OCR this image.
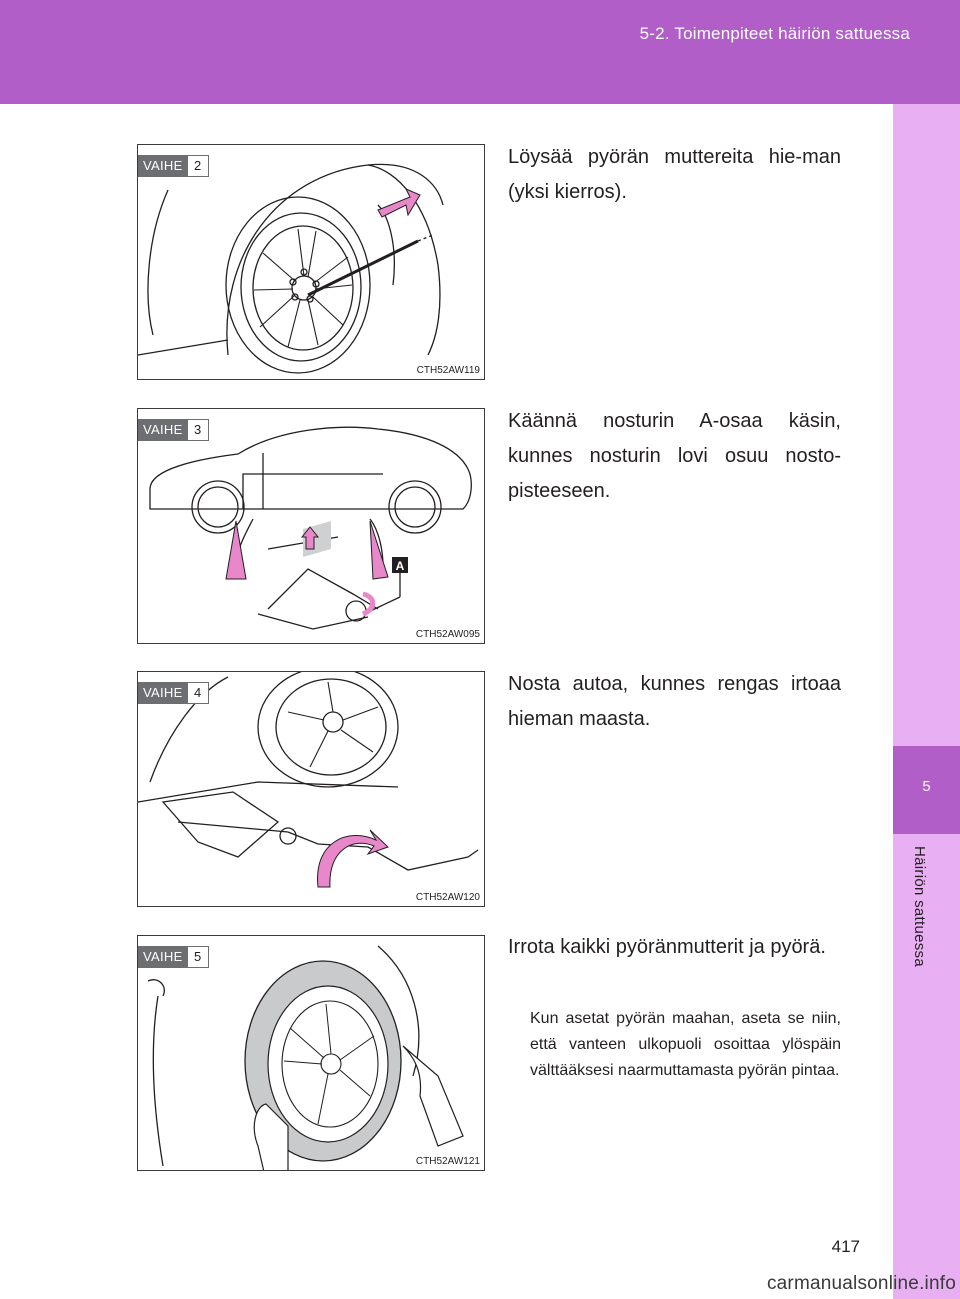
5-2. Toimenpiteet häiriön sattuessa
5
Häiriön sattuessa
VAIHE 2
CTH52AW119
Löysää pyörän muttereita hie-man (yksi kierros).
A
VAIHE 3
CTH52AW095
Käännä nosturin A-osaa käsin, kunnes nosturin lovi osuu nosto-pisteeseen.
VAIHE 4
CTH52AW120
Nosta autoa, kunnes rengas irtoaa hieman maasta.
VAIHE 5
CTH52AW121
Irrota kaikki pyöränmutterit ja pyörä.
Kun asetat pyörän maahan, aseta se niin, että vanteen ulkopuoli osoittaa ylöspäin välttääksesi naarmuttamasta pyörän pintaa.
417
carmanualsonline.info
